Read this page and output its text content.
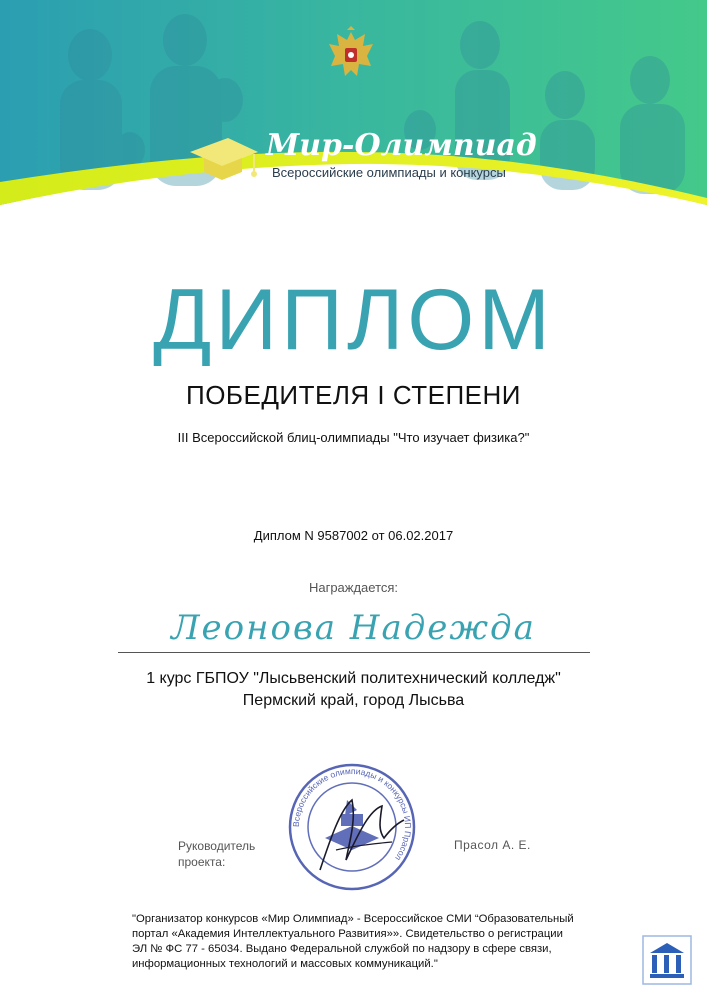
Мир-Олимпиад
Всероссийские олимпиады и конкурсы
ДИПЛОМ
ПОБЕДИТЕЛЯ I СТЕПЕНИ
III Всероссийской блиц-олимпиады "Что изучает физика?"
Диплом N 9587002 от 06.02.2017
Награждается:
Леонова Надежда
1 курс ГБПОУ "Лысьвенский политехнический колледж"
Пермский край, город Лысьва
Всероссийские олимпиады и конкурсы ИП Прасол
Руководитель
проекта:
Прасол А. Е.
"Организатор конкурсов «Мир Олимпиад» - Всероссийское СМИ “Образовательный портал «Академия Интеллектуального Развития»». Свидетельство о регистрации ЭЛ № ФС 77 - 65034. Выдано Федеральной службой по надзору в сфере связи, информационных технологий и массовых коммуникаций."
